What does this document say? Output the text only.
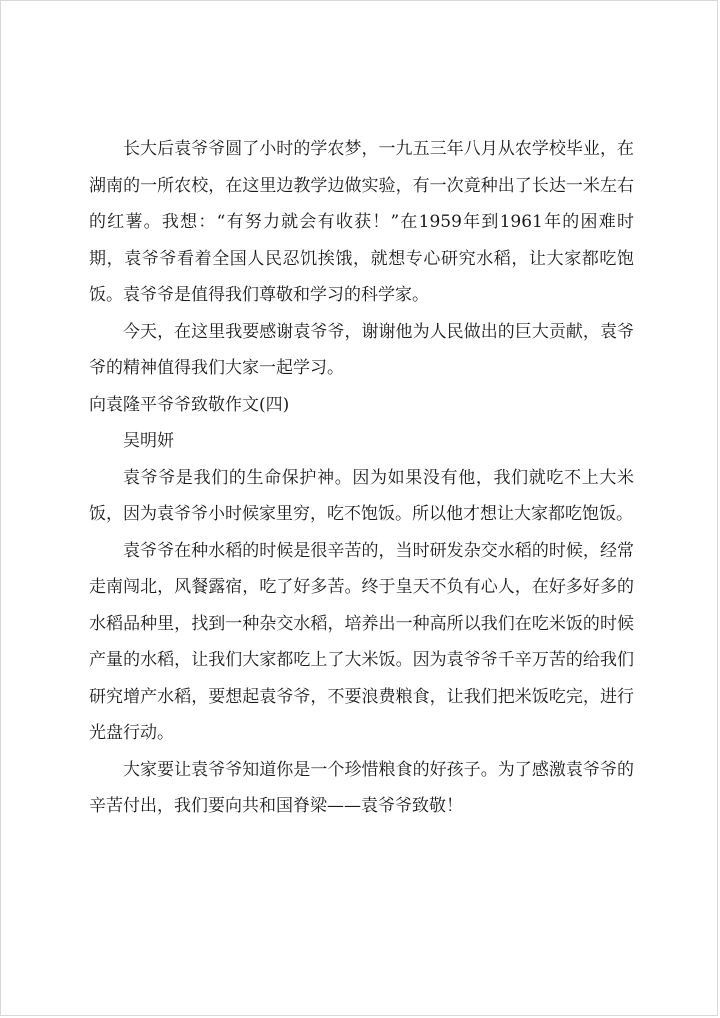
长大后袁爷爷圆了小时的学农梦，一九五三年八月从农学校毕业，在湖南的一所农校，在这里边教学边做实验，有一次竟种出了长达一米左右的红薯。我想：“有努力就会有收获！”在1959年到1961年的困难时期，袁爷爷看着全国人民忍饥挨饿，就想专心研究水稻，让大家都吃饱饭。袁爷爷是值得我们尊敬和学习的科学家。

今天，在这里我要感谢袁爷爷，谢谢他为人民做出的巨大贡献，袁爷爷的精神值得我们大家一起学习。

向袁隆平爷爷致敬作文(四)

吴明妍

袁爷爷是我们的生命保护神。因为如果没有他，我们就吃不上大米饭，因为袁爷爷小时候家里穷，吃不饱饭。所以他才想让大家都吃饱饭。

袁爷爷在种水稻的时候是很辛苦的，当时研发杂交水稻的时候，经常走南闯北，风餐露宿，吃了好多苦。终于皇天不负有心人，在好多好多的水稻品种里，找到一种杂交水稻，培养出一种高所以我们在吃米饭的时候产量的水稻，让我们大家都吃上了大米饭。因为袁爷爷千辛万苦的给我们研究增产水稻，要想起袁爷爷，不要浪费粮食，让我们把米饭吃完，进行光盘行动。

大家要让袁爷爷知道你是一个珍惜粮食的好孩子。为了感激袁爷爷的辛苦付出，我们要向共和国脊梁——袁爷爷致敬！
